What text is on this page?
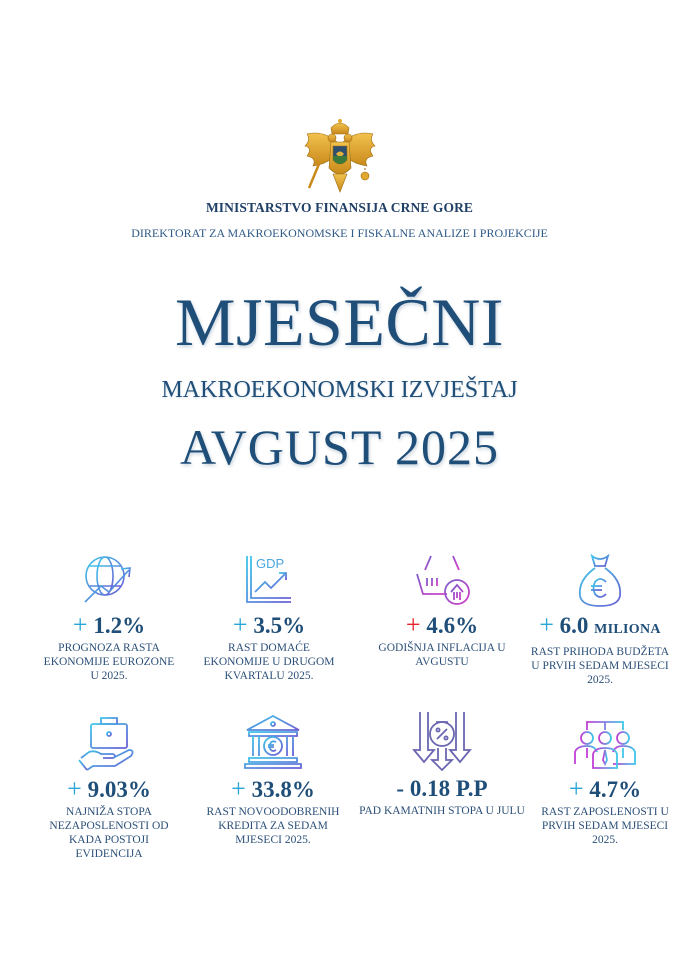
MINISTARSTVO FINANSIJA CRNE GORE
DIREKTORAT ZA MAKROEKONOMSKE I FISKALNE ANALIZE I PROJEKCIJE
MJESEČNI
MAKROEKONOMSKI IZVJEŠTAJ
AVGUST 2025
+ 1.2%
PROGNOZA RASTA EKONOMIJE EUROZONE U 2025.
GDP
+ 3.5%
RAST DOMAĆE EKONOMIJE U DRUGOM KVARTALU 2025.
+ 4.6%
GODIŠNJA INFLACIJA U AVGUSTU
+ 6.0 MILIONA
RAST PRIHODA BUDŽETA U PRVIH SEDAM MJESECI 2025.
+ 9.03%
NAJNIŽA STOPA NEZAPOSLENOSTI OD KADA POSTOJI EVIDENCIJA
+ 33.8%
RAST NOVOODOBRENIH KREDITA ZA SEDAM MJESECI 2025.
- 0.18 P.P
PAD KAMATNIH STOPA U JULU
+ 4.7%
RAST ZAPOSLENOSTI U PRVIH SEDAM MJESECI 2025.
